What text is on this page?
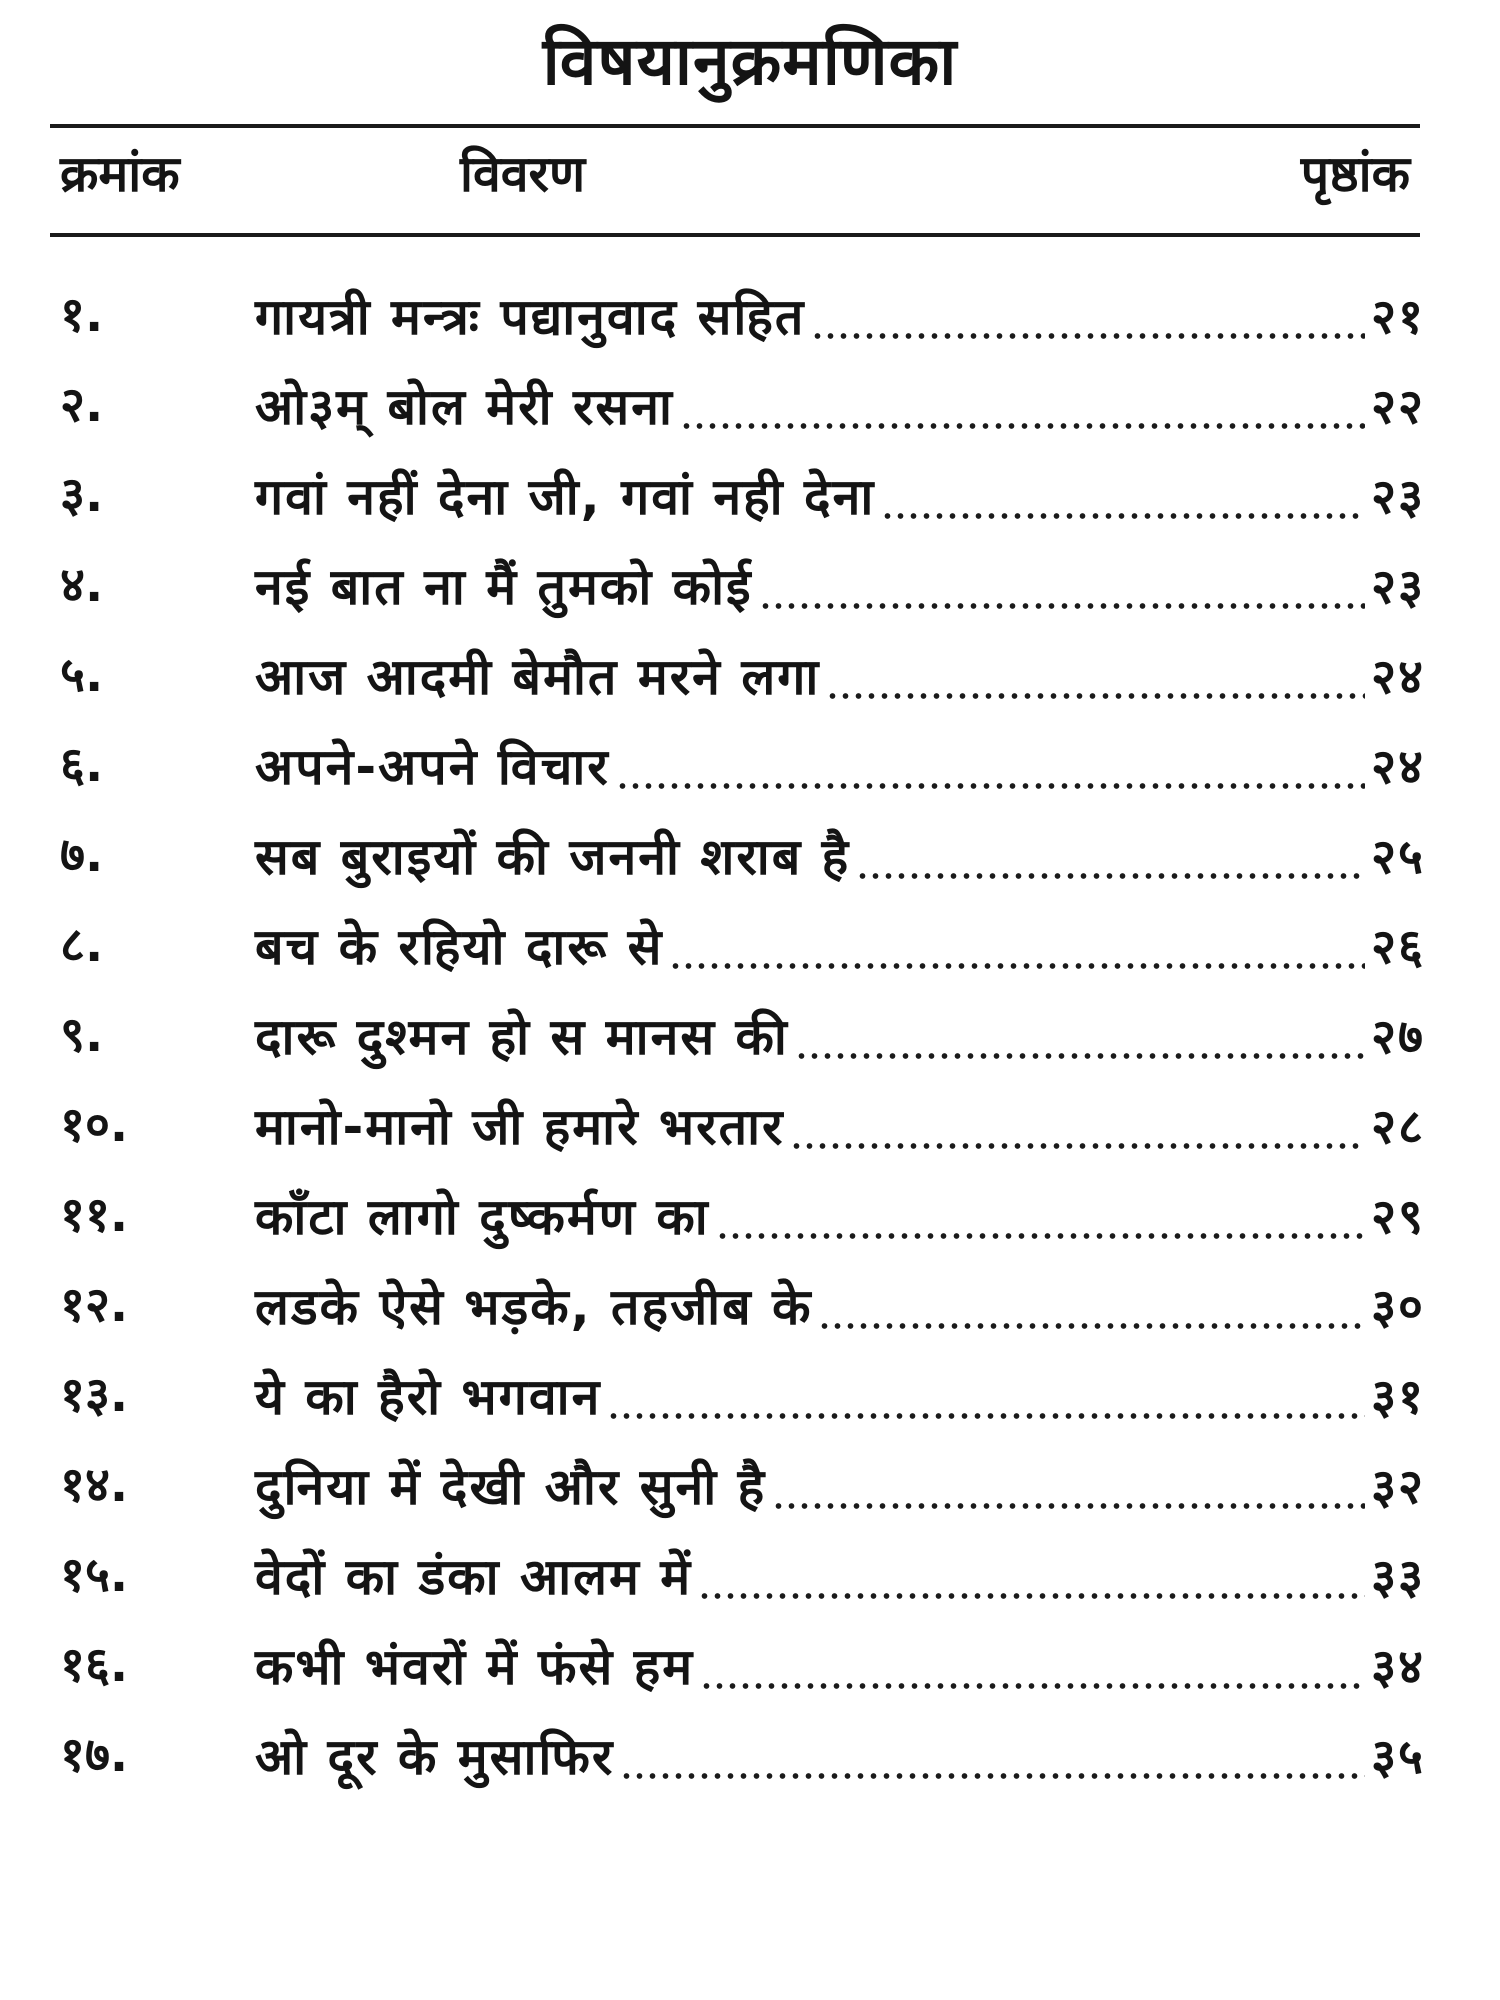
विषयानुक्रमणिका
क्रमांक	विवरण	पृष्ठांक
१.	गायत्री मन्त्रः पद्यानुवाद सहित	२१
२.	ओ३म् बोल मेरी रसना	२२
३.	गवां नहीं देना जी, गवां नही देना	२३
४.	नई बात ना मैं तुमको कोई	२३
५.	आज आदमी बेमौत मरने लगा	२४
६.	अपने-अपने विचार	२४
७.	सब बुराइयों की जननी शराब है	२५
८.	बच के रहियो दारू से	२६
९.	दारू दुश्मन हो स मानस की	२७
१०.	मानो-मानो जी हमारे भरतार	२८
११.	काँटा लागो दुष्कर्मण का	२९
१२.	लडके ऐसे भड़के, तहजीब के	३०
१३.	ये का हैरो भगवान	३१
१४.	दुनिया में देखी और सुनी है	३२
१५.	वेदों का डंका आलम में	३३
१६.	कभी भंवरों में फंसे हम	३४
१७.	ओ दूर के मुसाफिर	३५
